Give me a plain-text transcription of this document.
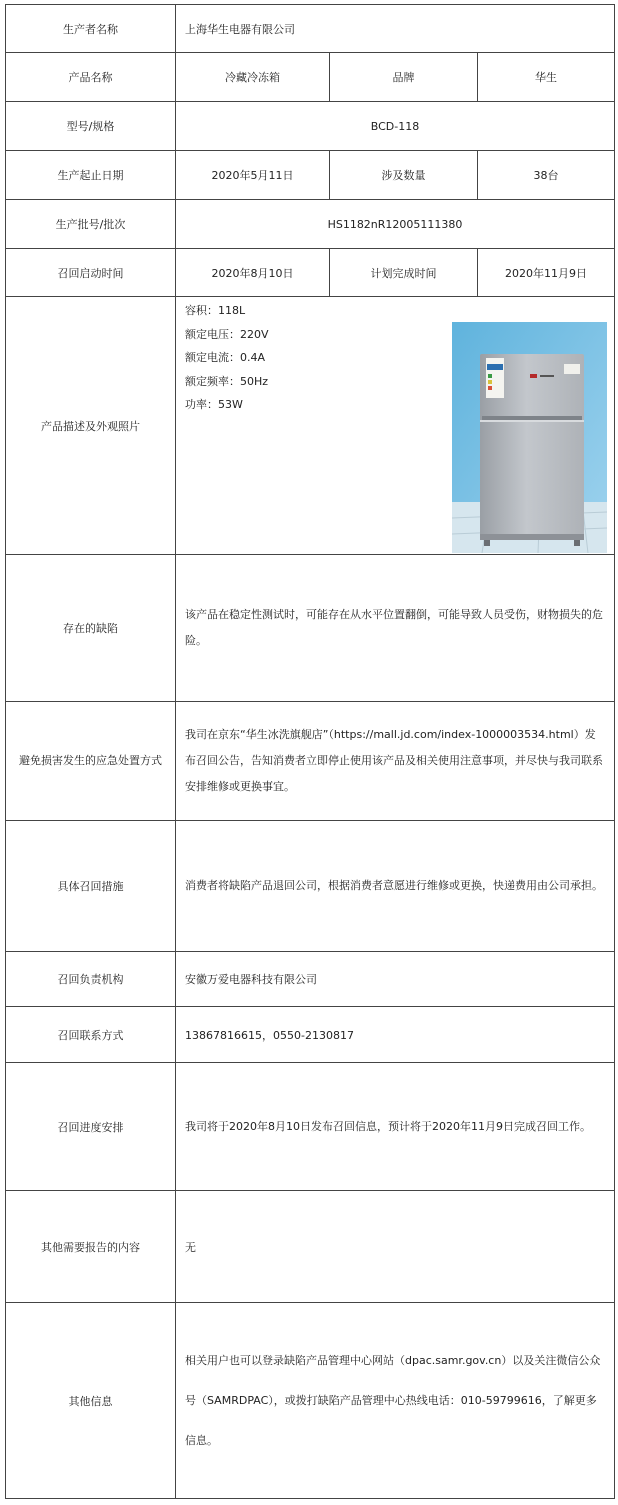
生产者名称	上海华生电器有限公司		
产品名称	冷藏冷冻箱	品牌	华生
型号/规格	BCD-118		
生产起止日期	2020年5月11日	涉及数量	38台
生产批号/批次	HS1182nR12005111380		
召回启动时间	2020年8月10日	计划完成时间	2020年11月9日
产品描述及外观照片	容积：118L
额定电压：220V
额定电流：0.4A
额定频率：50Hz
功率：53W		

存在的缺陷	该产品在稳定性测试时，可能存在从水平位置翻倒，可能导致人员受伤，财物损失的危险。		

避免损害发生的应急处置方式	我司在京东“华生冰洗旗舰店”（https://mall.jd.com/index-1000003534.html）发布召回公告，告知消费者立即停止使用该产品及相关使用注意事项，并尽快与我司联系安排维修或更换事宜。		

具体召回措施	消费者将缺陷产品退回公司，根据消费者意愿进行维修或更换，快递费用由公司承担。		

召回负责机构	安徽万爱电器科技有限公司		
召回联系方式	13867816615，0550-2130817		
召回进度安排	我司将于2020年8月10日发布召回信息，预计将于2020年11月9日完成召回工作。		

其他需要报告的内容	无		
其他信息	相关用户也可以登录缺陷产品管理中心网站（dpac.samr.gov.cn）以及关注微信公众号（SAMRDPAC），或拨打缺陷产品管理中心热线电话：010-59799616，了解更多信息。		
